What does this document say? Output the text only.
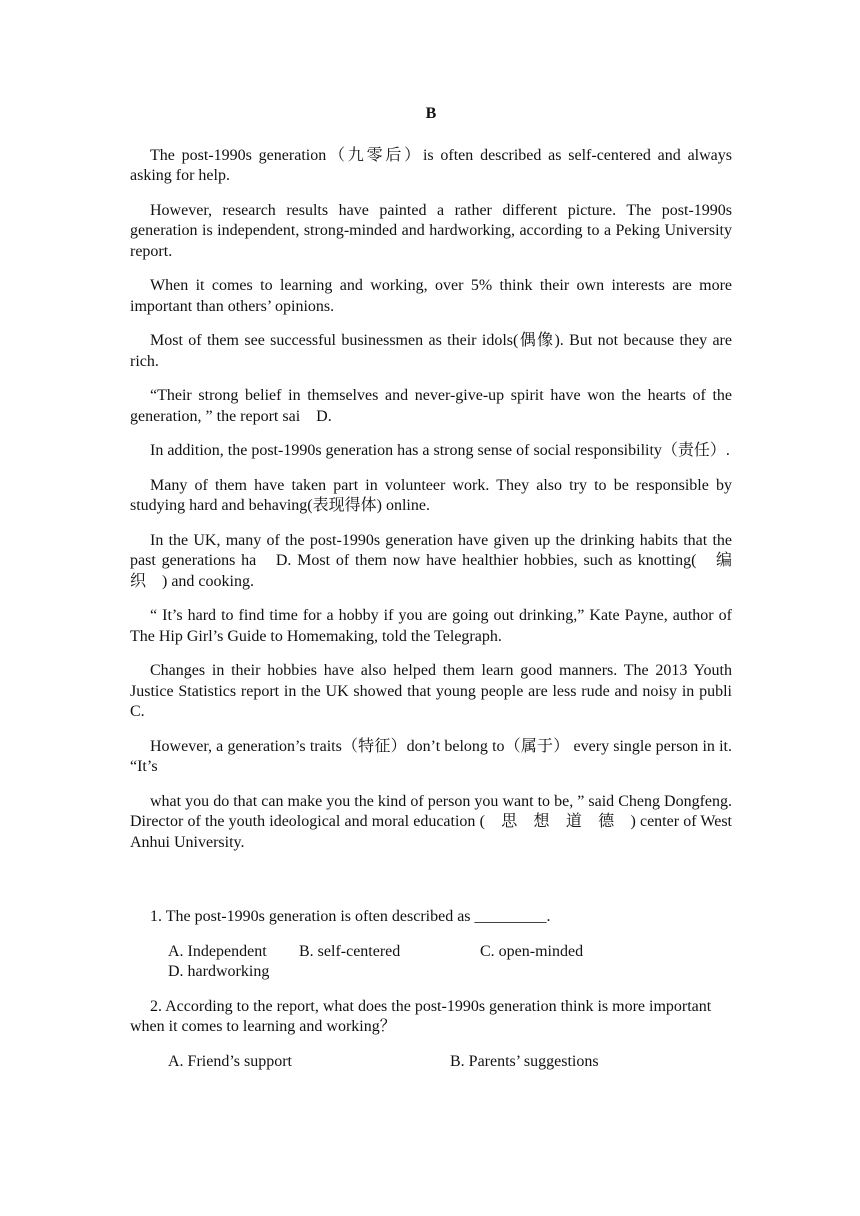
B

The post-1990s generation（九零后）is often described as self-centered and always asking for help.

However, research results have painted a rather different picture. The post-1990s generation is independent, strong-minded and hardworking, according to a Peking University report.

When it comes to learning and working, over 5% think their own interests are more important than others’ opinions.

Most of them see successful businessmen as their idols(偶像). But not because they are rich.

“Their strong belief in themselves and never-give-up spirit have won the hearts of the generation, ” the report sai　D.

In addition, the post-1990s generation has a strong sense of social responsibility（责任）.

Many of them have taken part in volunteer work. They also try to be responsible by studying hard and behaving(表现得体) online.

In the UK, many of the post-1990s generation have given up the drinking habits that the past generations ha　D. Most of them now have healthier hobbies, such as knotting(　编　织　) and cooking.

“ It’s hard to find time for a hobby if you are going out drinking,” Kate Payne, author of The Hip Girl’s Guide to Homemaking, told the Telegraph.

Changes in their hobbies have also helped them learn good manners. The 2013 Youth Justice Statistics report in the UK showed that young people are less rude and noisy in publi　C.

However, a generation’s traits（特征）don’t belong to（属于） every single person in it. “It’s

what you do that can make you the kind of person you want to be, ” said Cheng Dongfeng. Director of the youth ideological and moral education (　思　想　道　德　) center of West Anhui University.

1. The post-1990s generation is often described as _________.

A. Independent	B. self-centered	C. open-minded
D. hardworking

2. According to the report, what does the post-1990s generation think is more important when it comes to learning and working？

A. Friend’s support	B. Parents’ suggestions
